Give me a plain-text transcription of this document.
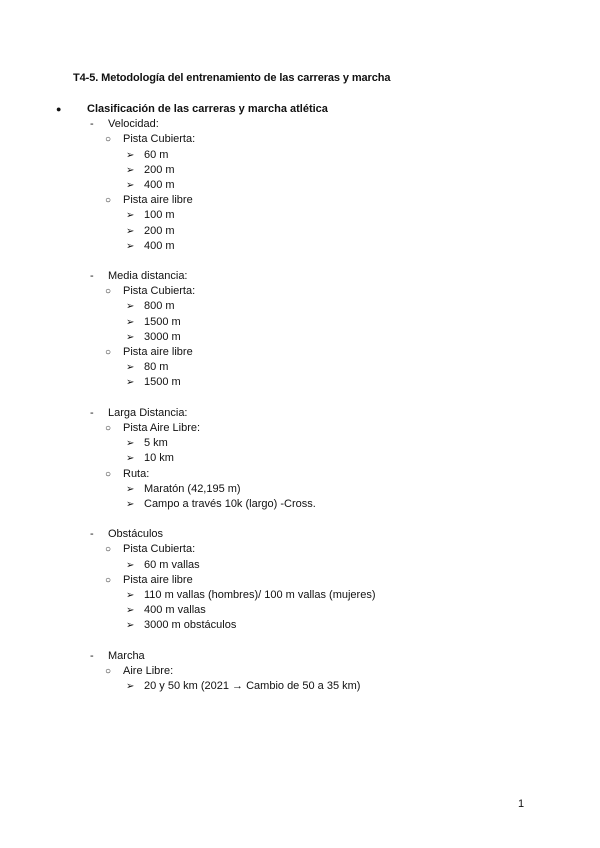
T4-5. Metodología del entrenamiento de las carreras y marcha
● Clasificación de las carreras y marcha atlética
- Velocidad:
○ Pista Cubierta:
➢ 60 m
➢ 200 m
➢ 400 m
○ Pista aire libre
➢ 100 m
➢ 200 m
➢ 400 m
- Media distancia:
○ Pista Cubierta:
➢ 800 m
➢ 1500 m
➢ 3000 m
○ Pista aire libre
➢ 80 m
➢ 1500 m
- Larga Distancia:
○ Pista Aire Libre:
➢ 5 km
➢ 10 km
○ Ruta:
➢ Maratón (42,195 m)
➢ Campo a través 10k (largo) -Cross.
- Obstáculos
○ Pista Cubierta:
➢ 60 m vallas
○ Pista aire libre
➢ 110 m vallas (hombres)/ 100 m vallas (mujeres)
➢ 400 m vallas
➢ 3000 m obstáculos
- Marcha
○ Aire Libre:
➢ 20 y 50 km (2021 → Cambio de 50 a 35 km)
1
